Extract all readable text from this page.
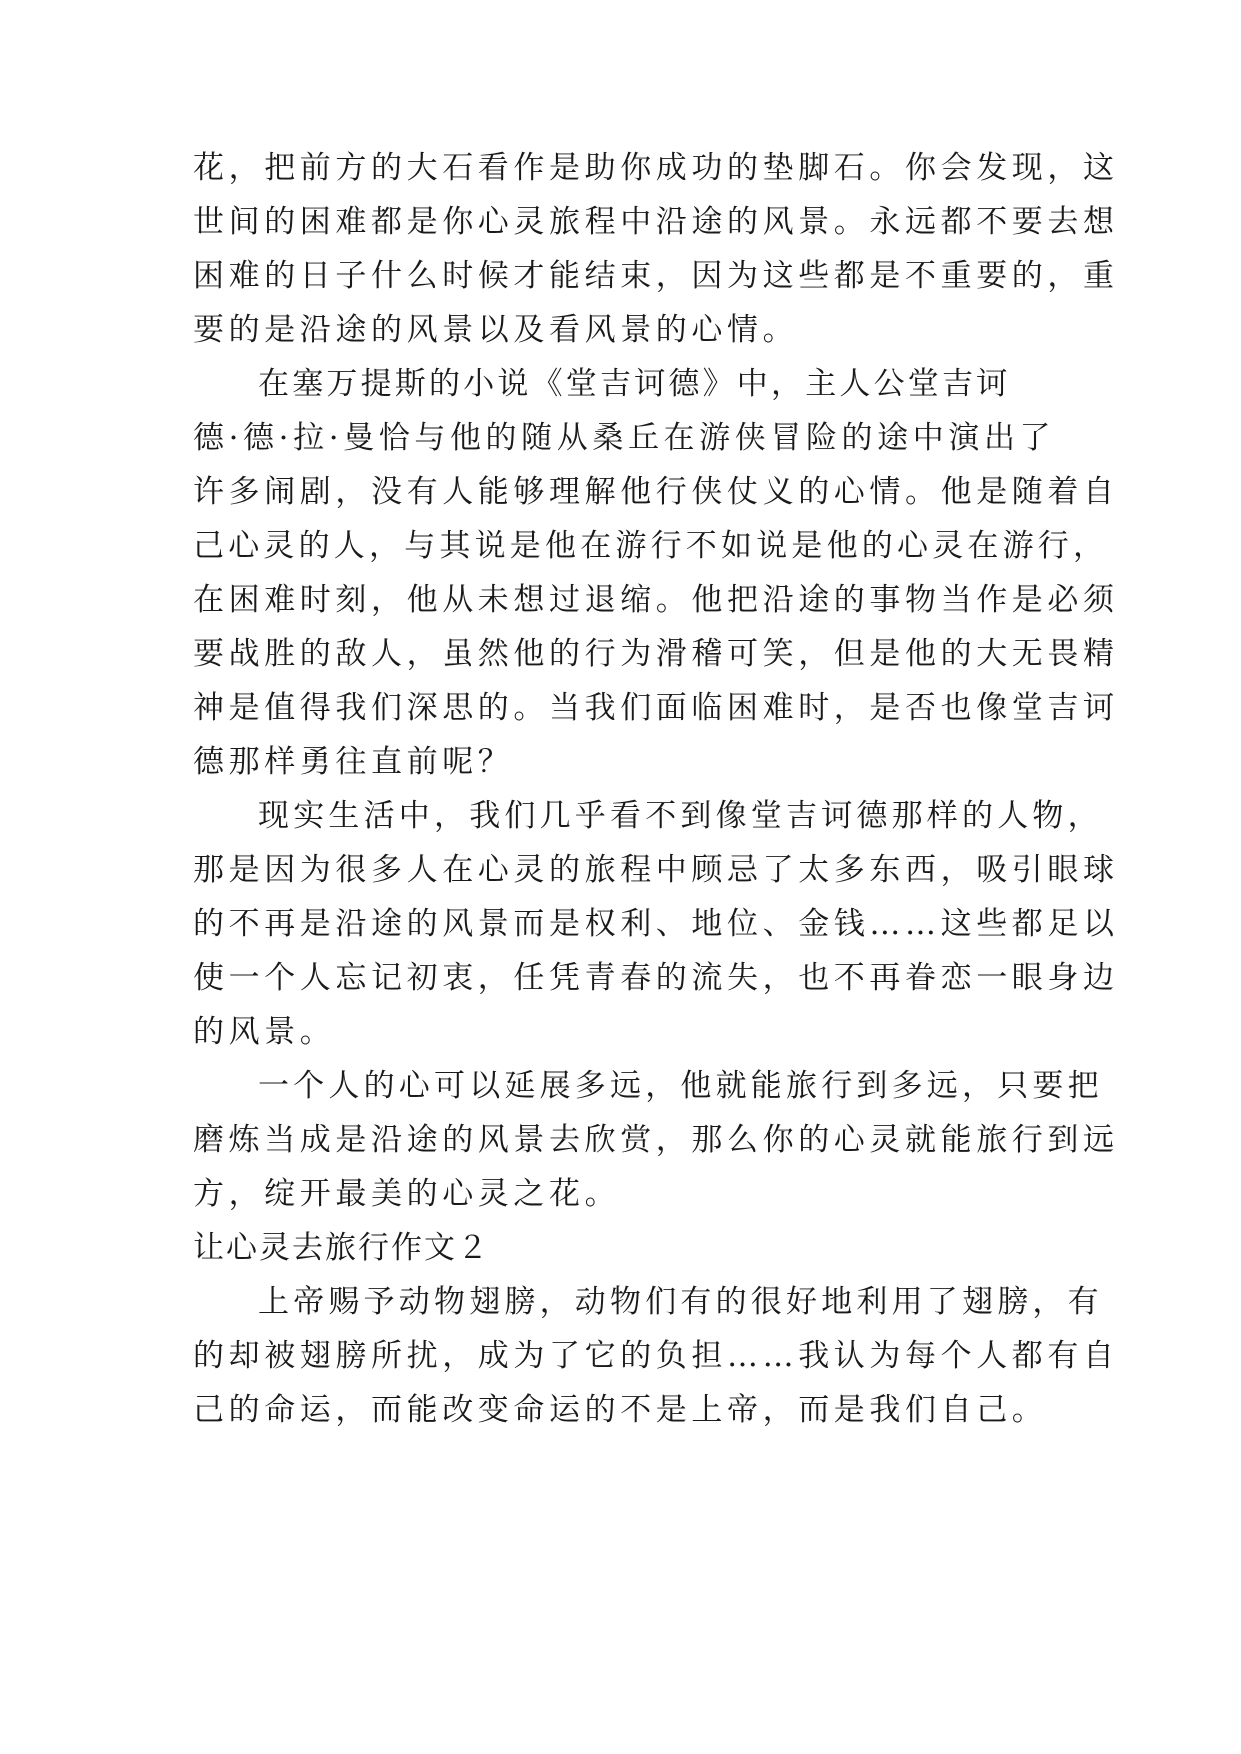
花，把前方的大石看作是助你成功的垫脚石。你会发现，这

世间的困难都是你心灵旅程中沿途的风景。永远都不要去想

困难的日子什么时候才能结束，因为这些都是不重要的，重

要的是沿途的风景以及看风景的心情。

在塞万提斯的小说《堂吉诃德》中，主人公堂吉诃

德·德·拉·曼恰与他的随从桑丘在游侠冒险的途中演出了

许多闹剧，没有人能够理解他行侠仗义的心情。他是随着自

己心灵的人，与其说是他在游行不如说是他的心灵在游行，

在困难时刻，他从未想过退缩。他把沿途的事物当作是必须

要战胜的敌人，虽然他的行为滑稽可笑，但是他的大无畏精

神是值得我们深思的。当我们面临困难时，是否也像堂吉诃

德那样勇往直前呢？

现实生活中，我们几乎看不到像堂吉诃德那样的人物，

那是因为很多人在心灵的旅程中顾忌了太多东西，吸引眼球

的不再是沿途的风景而是权利、地位、金钱……这些都足以

使一个人忘记初衷，任凭青春的流失，也不再眷恋一眼身边

的风景。

一个人的心可以延展多远，他就能旅行到多远，只要把

磨炼当成是沿途的风景去欣赏，那么你的心灵就能旅行到远

方，绽开最美的心灵之花。

让心灵去旅行作文２

上帝赐予动物翅膀，动物们有的很好地利用了翅膀，有

的却被翅膀所扰，成为了它的负担……我认为每个人都有自

己的命运，而能改变命运的不是上帝，而是我们自己。
